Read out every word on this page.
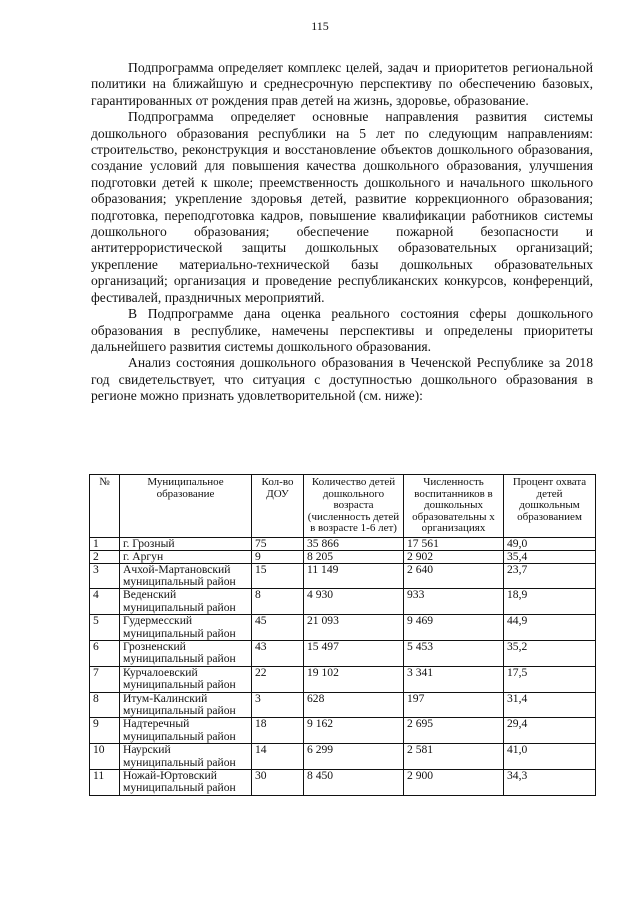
115

Подпрограмма определяет комплекс целей, задач и приоритетов региональной политики на ближайшую и среднесрочную перспективу по обеспечению базовых, гарантированных от рождения прав детей на жизнь, здоровье, образование.

Подпрограмма определяет основные направления развития системы дошкольного образования республики на 5 лет по следующим направлениям: строительство, реконструкция и восстановление объектов дошкольного образования, создание условий для повышения качества дошкольного образования, улучшения подготовки детей к школе; преемственность дошкольного и начального школьного образования; укрепление здоровья детей, развитие коррекционного образования; подготовка, переподготовка кадров, повышение квалификации работников системы дошкольного образования; обеспечение пожарной безопасности и антитеррористической защиты дошкольных образовательных организаций; укрепление материально-технической базы дошкольных образовательных организаций; организация и проведение республиканских конкурсов, конференций, фестивалей, праздничных мероприятий.

В Подпрограмме дана оценка реального состояния сферы дошкольного образования в республике, намечены перспективы и определены приоритеты дальнейшего развития системы дошкольного образования.

Анализ состояния дошкольного образования в Чеченской Республике за 2018 год свидетельствует, что ситуация с доступностью дошкольного образования в регионе можно признать удовлетворительной (см. ниже):

№	Муниципальное образование	Кол-во ДОУ	Количество детей дошкольного возраста (численность детей в возрасте 1-6 лет)	Численность воспитанников в дошкольных образовательны х организациях	Процент охвата детей дошкольным образованием
1	г. Грозный	75	35 866	17 561	49,0
2	г. Аргун	9	8 205	2 902	35,4
3	Ачхой-Мартановский муниципальный район	15	11 149	2 640	23,7
4	Веденский муниципальный район	8	4 930	933	18,9
5	Гудермесский муниципальный район	45	21 093	9 469	44,9
6	Грозненский муниципальный район	43	15 497	5 453	35,2
7	Курчалоевский муниципальный район	22	19 102	3 341	17,5
8	Итум-Калинский муниципальный район	3	628	197	31,4
9	Надтеречный муниципальный район	18	9 162	2 695	29,4
10	Наурский муниципальный район	14	6 299	2 581	41,0
11	Ножай-Юртовский муниципальный район	30	8 450	2 900	34,3
